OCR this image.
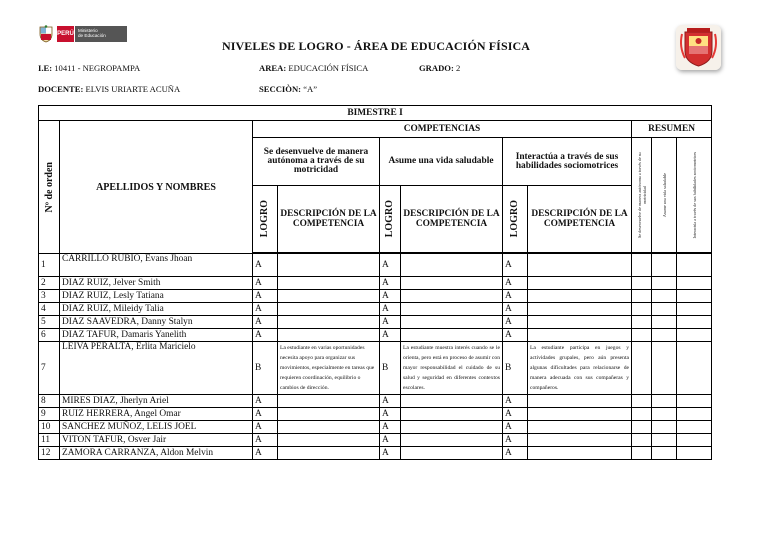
PERÚ
Ministerio
de Educación
NIVELES DE LOGRO - ÁREA DE EDUCACIÓN FÍSICA
I.E: 10411 - NEGROPAMPA	AREA: EDUCACIÓN FÍSICA	GRADO: 2
DOCENTE: ELVIS URIARTE ACUÑA	SECCIÒN: “A”
BIMESTRE I										

Nº de orden	APELLIDOS Y NOMBRES	COMPETENCIAS						RESUMEN		
		Se desenvuelve de manera autónoma a través de su motricidad		Asume una vida saludable		Interactúa a través de sus habilidades sociomotrices		Se desenvuelve de manera autónoma a través de su motricidad	Asume una vida saludable	Interactúa a través de sus habilidades sociomotrices

		LOGRO	DESCRIPCIÓN DE LA COMPETENCIA	LOGRO	DESCRIPCIÓN DE LA COMPETENCIA	LOGRO	DESCRIPCIÓN DE LA COMPETENCIA			

1	CARRILLO RUBIO, Evans Jhoan	A		A		A				
2	DIAZ RUIZ, Jelver Smith	A		A		A				
3	DIAZ RUIZ, Lesly Tatiana	A		A		A				
4	DIAZ RUIZ, Mileidy Talia	A		A		A				
5	DIAZ SAAVEDRA, Danny Stalyn	A		A		A				
6	DIAZ TAFUR, Damaris Yanelith	A		A		A				
7	LEIVA PERALTA, Erlita Maricielo	B	La estudiante en varias oportunidades necesita apoyo para organizar sus movimientos, especialmente en tareas que requieren coordinación, equilibrio o cambios de dirección.	B	La estudiante muestra interés cuando se le orienta, pero está en proceso de asumir con mayor responsabilidad el cuidado de su salud y seguridad en diferentes contextos escolares.	B	La estudiante participa en juegos y actividades grupales, pero aún presenta algunas dificultades para relacionarse de manera adecuada con sus compañeras y compañeros.			
8	MIRES DIAZ, Jherlyn Ariel	A		A		A				
9	RUIZ HERRERA, Angel Omar	A		A		A				
10	SANCHEZ MUÑOZ, LELIS JOEL	A		A		A				
11	VITON TAFUR, Osver Jair	A		A		A				
12	ZAMORA CARRANZA, Aldon Melvin	A		A		A				
